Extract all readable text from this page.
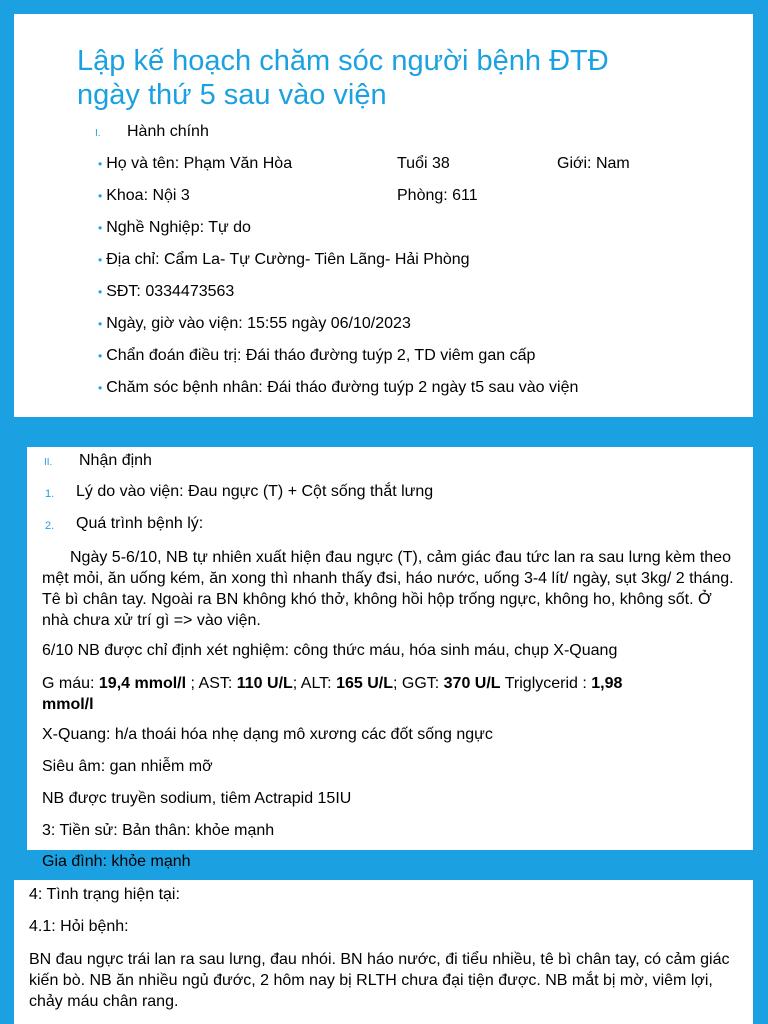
Lập kế hoạch chăm sóc người bệnh ĐTĐ
ngày thứ 5 sau vào viện
I. Hành chính
• Họ và tên: Phạm Văn Hòa	Tuổi 38	Giới: Nam
• Khoa: Nội 3	Phòng: 611
• Nghề Nghiệp: Tự do
• Địa chỉ: Cẩm La- Tự Cường- Tiên Lãng- Hải Phòng
• SĐT: 0334473563
• Ngày, giờ vào viện: 15:55 ngày 06/10/2023
• Chẩn đoán điều trị: Đái tháo đường tuýp 2, TD viêm gan cấp
• Chăm sóc bệnh nhân: Đái tháo đường tuýp 2 ngày t5 sau vào viện
II. Nhận định
1. Lý do vào viện: Đau ngực (T) + Cột sống thắt lưng
2. Quá trình bệnh lý:
Ngày 5-6/10, NB tự nhiên xuất hiện đau ngực (T), cảm giác đau tức lan ra sau lưng kèm theo mệt mỏi, ăn uống kém, ăn xong thì nhanh thấy đsi, háo nước, uống 3-4 lít/ ngày, sụt 3kg/ 2 tháng. Tê bì chân tay. Ngoài ra BN không khó thở, không hồi hộp trống ngực, không ho, không sốt. Ở nhà chưa xử trí gì => vào viện.
6/10 NB được chỉ định xét nghiệm: công thức máu, hóa sinh máu, chụp X-Quang
G máu: 19,4 mmol/l ; AST: 110 U/L; ALT: 165 U/L; GGT: 370 U/L Triglycerid : 1,98
mmol/l
X-Quang: h/a thoái hóa nhẹ dạng mô xương các đốt sống ngực
Siêu âm: gan nhiễm mỡ
NB được truyền sodium, tiêm Actrapid 15IU
3: Tiền sử: Bản thân: khỏe mạnh
Gia đình: khỏe mạnh
4: Tình trạng hiện tại:
4.1: Hỏi bệnh:
BN đau ngực trái lan ra sau lưng, đau nhói. BN háo nước, đi tiểu nhiều, tê bì chân tay, có cảm giác kiến bò. NB ăn nhiều ngủ đước, 2 hôm nay bị RLTH chưa đại tiện được. NB mắt bị mờ, viêm lợi, chảy máu chân rang.
